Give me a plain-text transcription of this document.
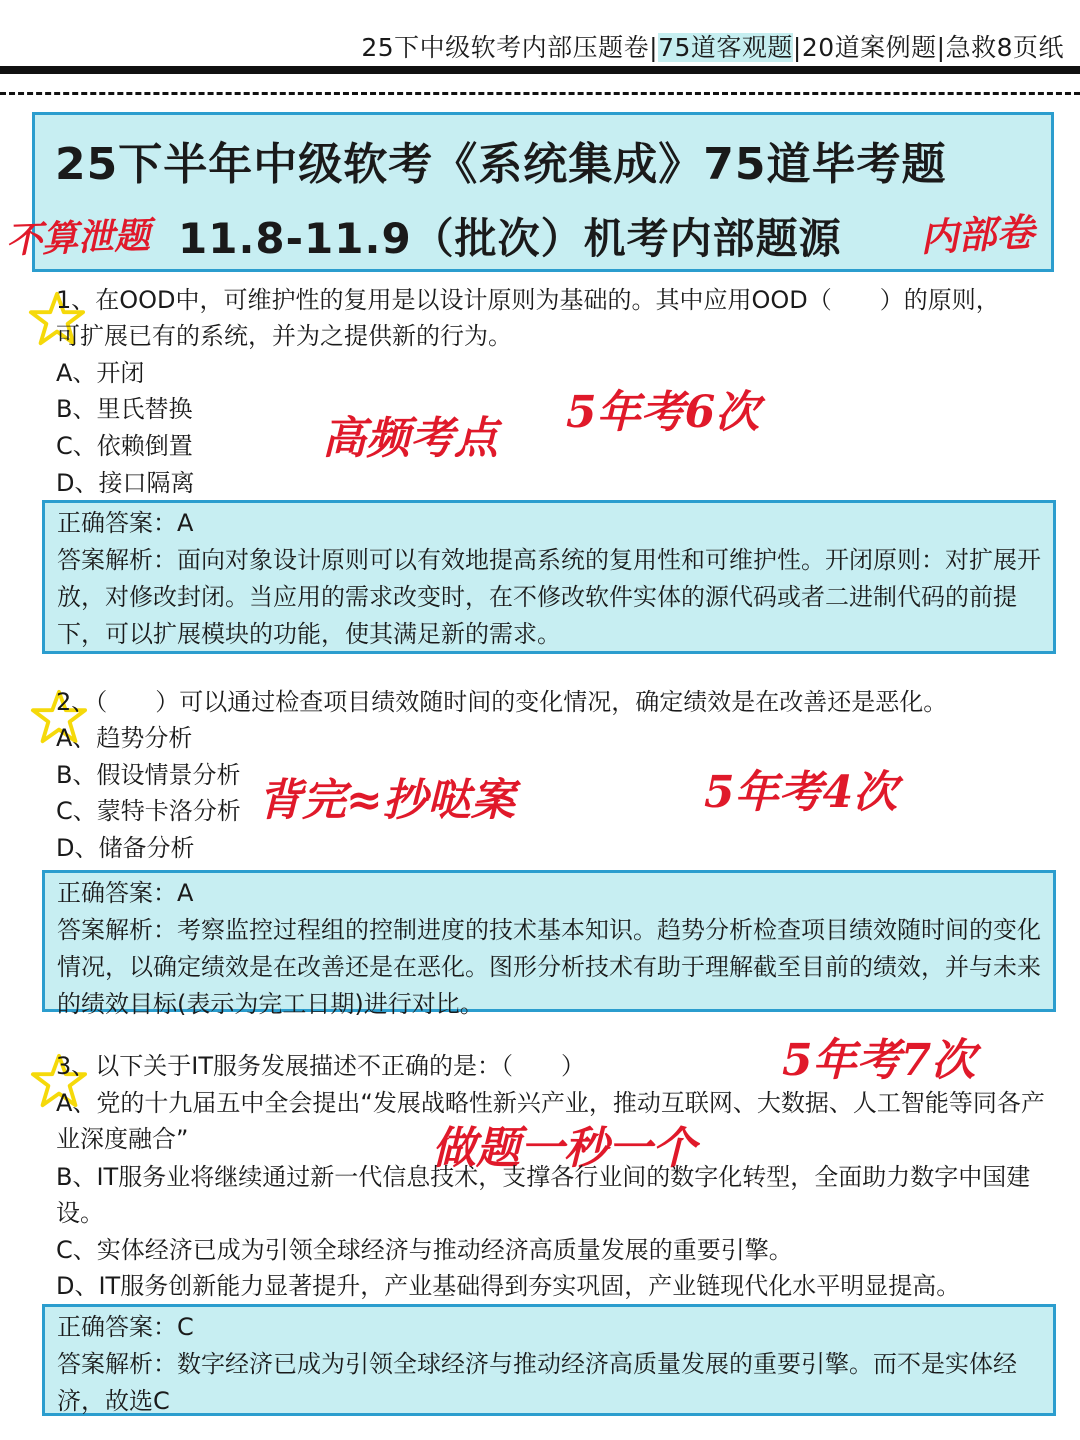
25下中级软考内部压题卷|75道客观题|20道案例题|急救8页纸
25下半年中级软考《系统集成》75道毕考题
11.8-11.9（批次）机考内部题源
不算泄题	内部卷
1、在OOD中，可维护性的复用是以设计原则为基础的。其中应用OOD（　　）的原则，
可扩展已有的系统，并为之提供新的行为。
A、开闭
B、里氏替换
C、依赖倒置
D、接口隔离
高频考点
5年考6次
正确答案：A
答案解析：面向对象设计原则可以有效地提高系统的复用性和可维护性。开闭原则：对扩展开放，对修改封闭。当应用的需求改变时，在不修改软件实体的源代码或者二进制代码的前提下，可以扩展模块的功能，使其满足新的需求。
2、（　　）可以通过检查项目绩效随时间的变化情况，确定绩效是在改善还是恶化。
A、趋势分析
B、假设情景分析
C、蒙特卡洛分析
D、储备分析
背完≈抄哒案	5年考4次
正确答案：A
答案解析：考察监控过程组的控制进度的技术基本知识。趋势分析检查项目绩效随时间的变化情况，以确定绩效是在改善还是在恶化。图形分析技术有助于理解截至目前的绩效，并与未来的绩效目标(表示为完工日期)进行对比。
5年考7次
3、以下关于IT服务发展描述不正确的是：（　　）
A、党的十九届五中全会提出“发展战略性新兴产业，推动互联网、大数据、人工智能等同各产业深度融合”	做题一秒一个
B、IT服务业将继续通过新一代信息技术，支撑各行业间的数字化转型，全面助力数字中国建设。
C、实体经济已成为引领全球经济与推动经济高质量发展的重要引擎。
D、IT服务创新能力显著提升，产业基础得到夯实巩固，产业链现代化水平明显提高。
正确答案：C
答案解析：数字经济已成为引领全球经济与推动经济高质量发展的重要引擎。而不是实体经济，故选C
